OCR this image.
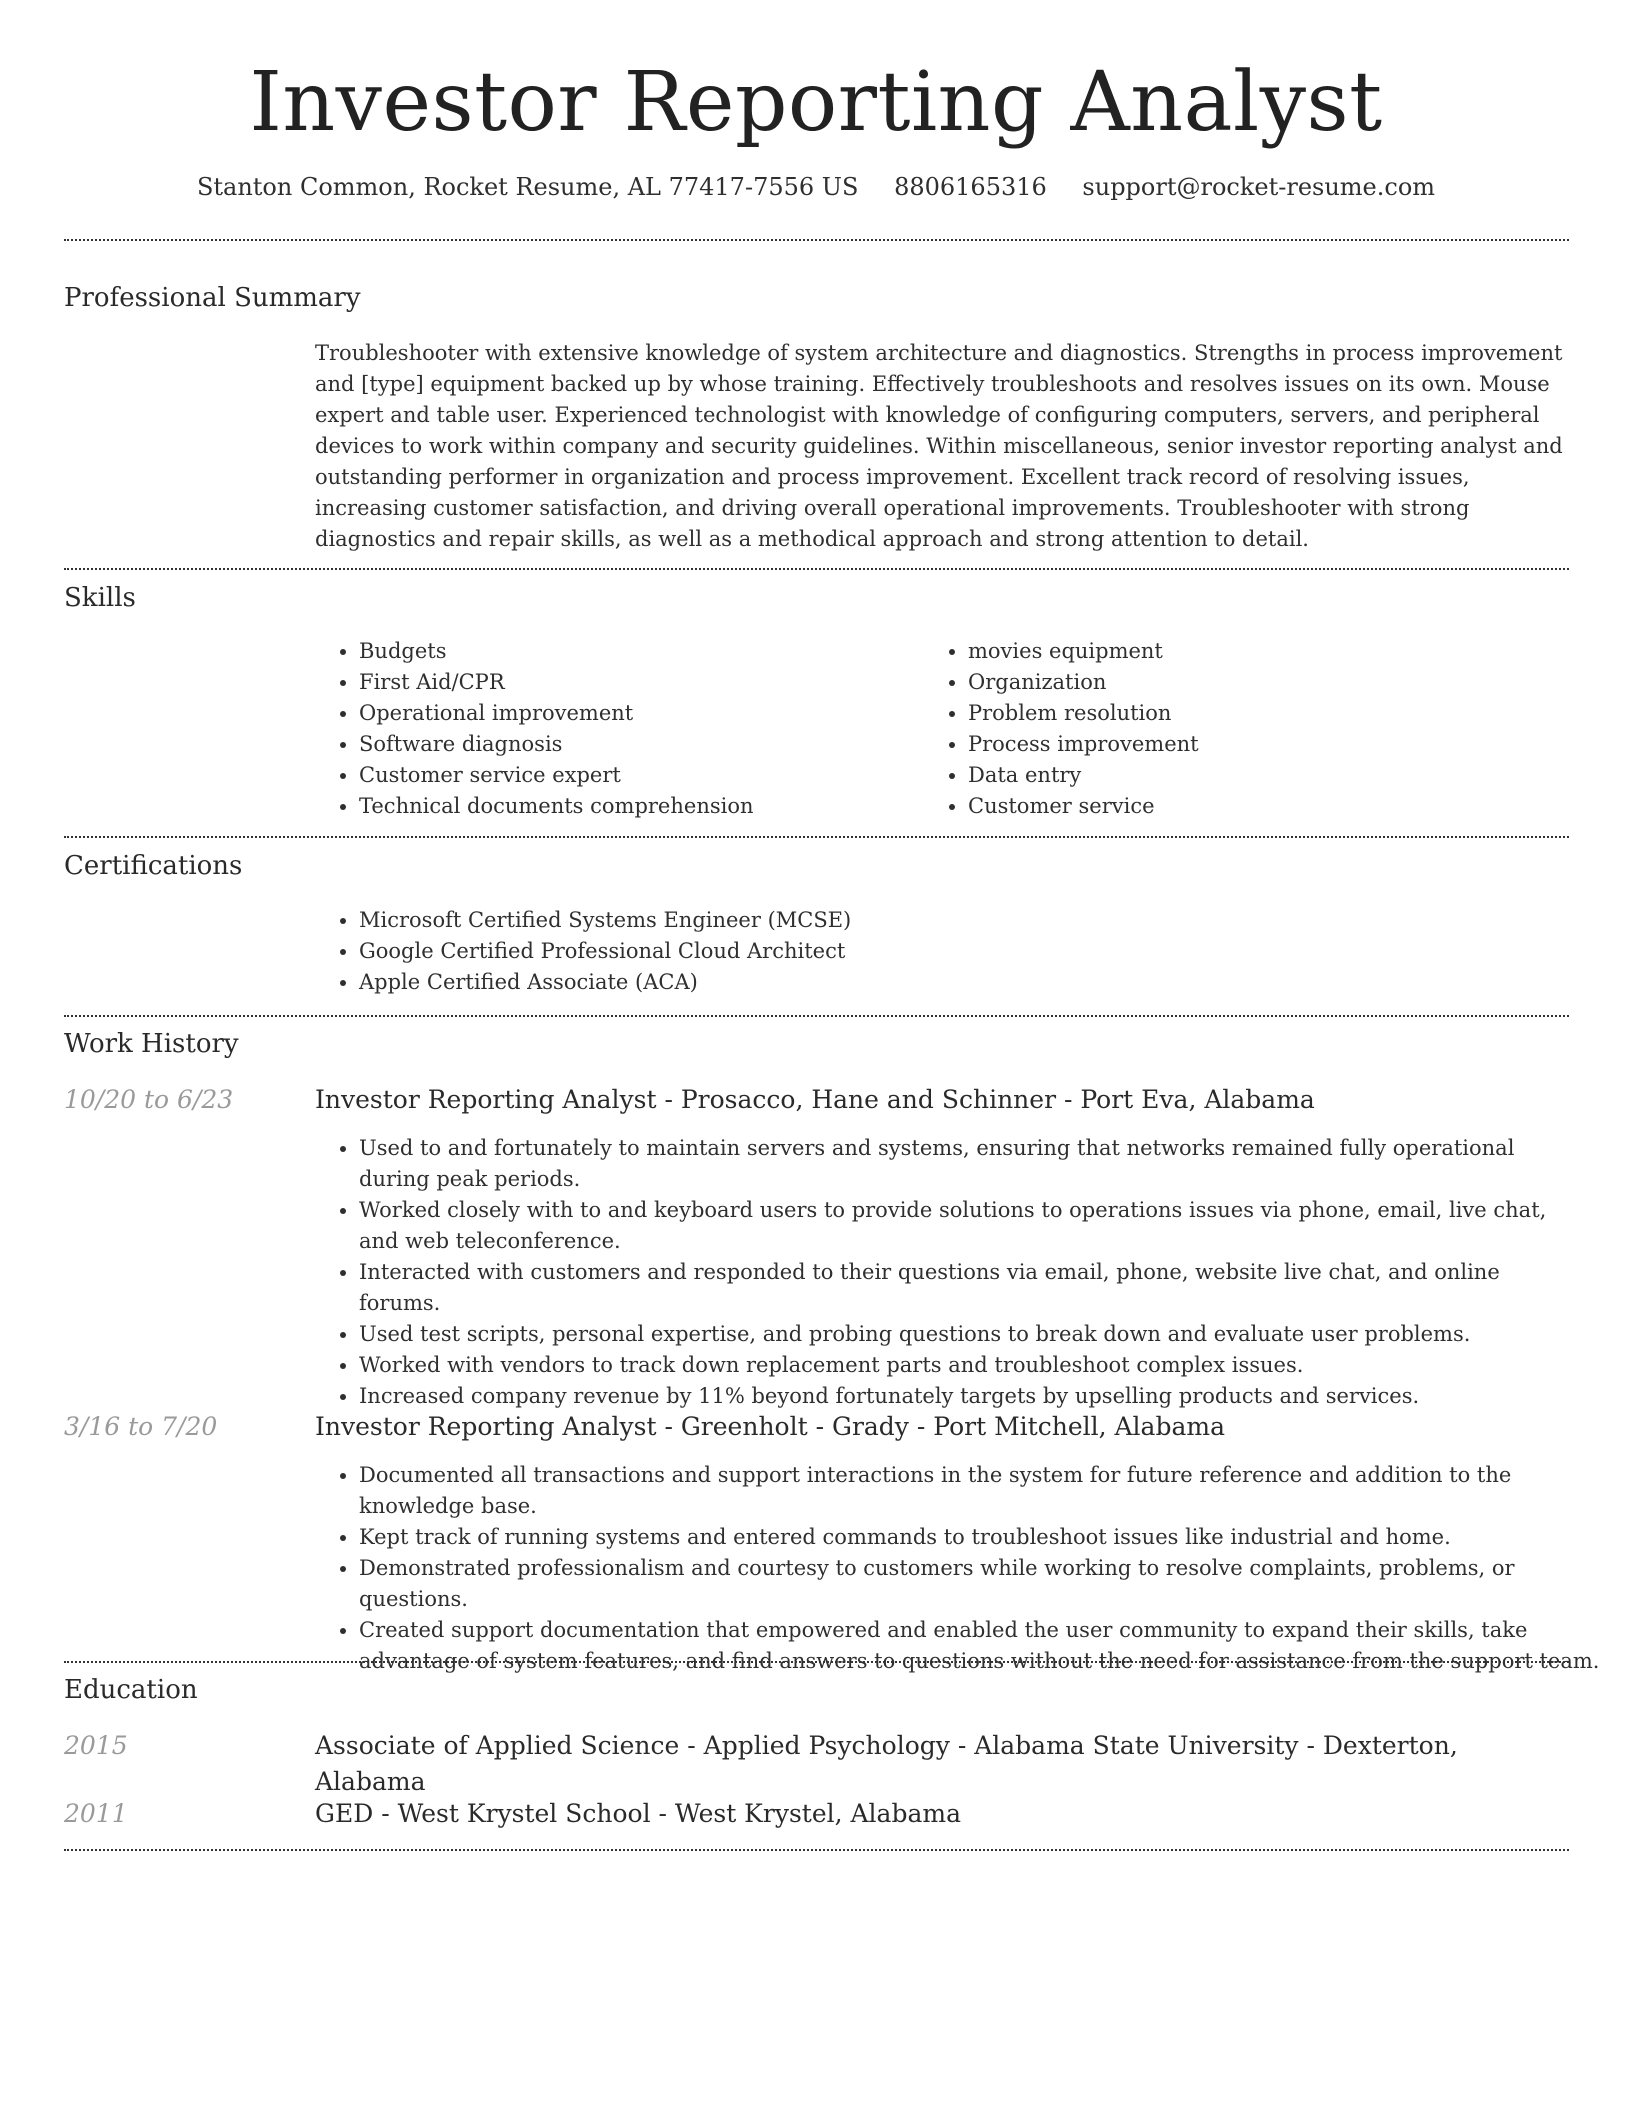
Investor Reporting Analyst
Stanton Common, Rocket Resume, AL 77417-7556 US 8806165316 support@rocket-resume.com
Professional Summary
Troubleshooter with extensive knowledge of system architecture and diagnostics. Strengths in process improvement and [type] equipment backed up by whose training. Effectively troubleshoots and resolves issues on its own. Mouse expert and table user. Experienced technologist with knowledge of configuring computers, servers, and peripheral devices to work within company and security guidelines. Within miscellaneous, senior investor reporting analyst and outstanding performer in organization and process improvement. Excellent track record of resolving issues, increasing customer satisfaction, and driving overall operational improvements. Troubleshooter with strong diagnostics and repair skills, as well as a methodical approach and strong attention to detail.
Skills
• Budgets
• First Aid/CPR
• Operational improvement
• Software diagnosis
• Customer service expert
• Technical documents comprehension
• movies equipment
• Organization
• Problem resolution
• Process improvement
• Data entry
• Customer service
Certifications
• Microsoft Certified Systems Engineer (MCSE)
• Google Certified Professional Cloud Architect
• Apple Certified Associate (ACA)
Work History
10/20 to 6/23	Investor Reporting Analyst - Prosacco, Hane and Schinner - Port Eva, Alabama
• Used to and fortunately to maintain servers and systems, ensuring that networks remained fully operational during peak periods.
• Worked closely with to and keyboard users to provide solutions to operations issues via phone, email, live chat, and web teleconference.
• Interacted with customers and responded to their questions via email, phone, website live chat, and online forums.
• Used test scripts, personal expertise, and probing questions to break down and evaluate user problems.
• Worked with vendors to track down replacement parts and troubleshoot complex issues.
• Increased company revenue by 11% beyond fortunately targets by upselling products and services.
3/16 to 7/20	Investor Reporting Analyst - Greenholt - Grady - Port Mitchell, Alabama
• Documented all transactions and support interactions in the system for future reference and addition to the knowledge base.
• Kept track of running systems and entered commands to troubleshoot issues like industrial and home.
• Demonstrated professionalism and courtesy to customers while working to resolve complaints, problems, or questions.
• Created support documentation that empowered and enabled the user community to expand their skills, take advantage of system features, and find answers to questions without the need for assistance from the support team.
Education
2015	Associate of Applied Science - Applied Psychology - Alabama State University - Dexterton, Alabama
2011	GED - West Krystel School - West Krystel, Alabama
